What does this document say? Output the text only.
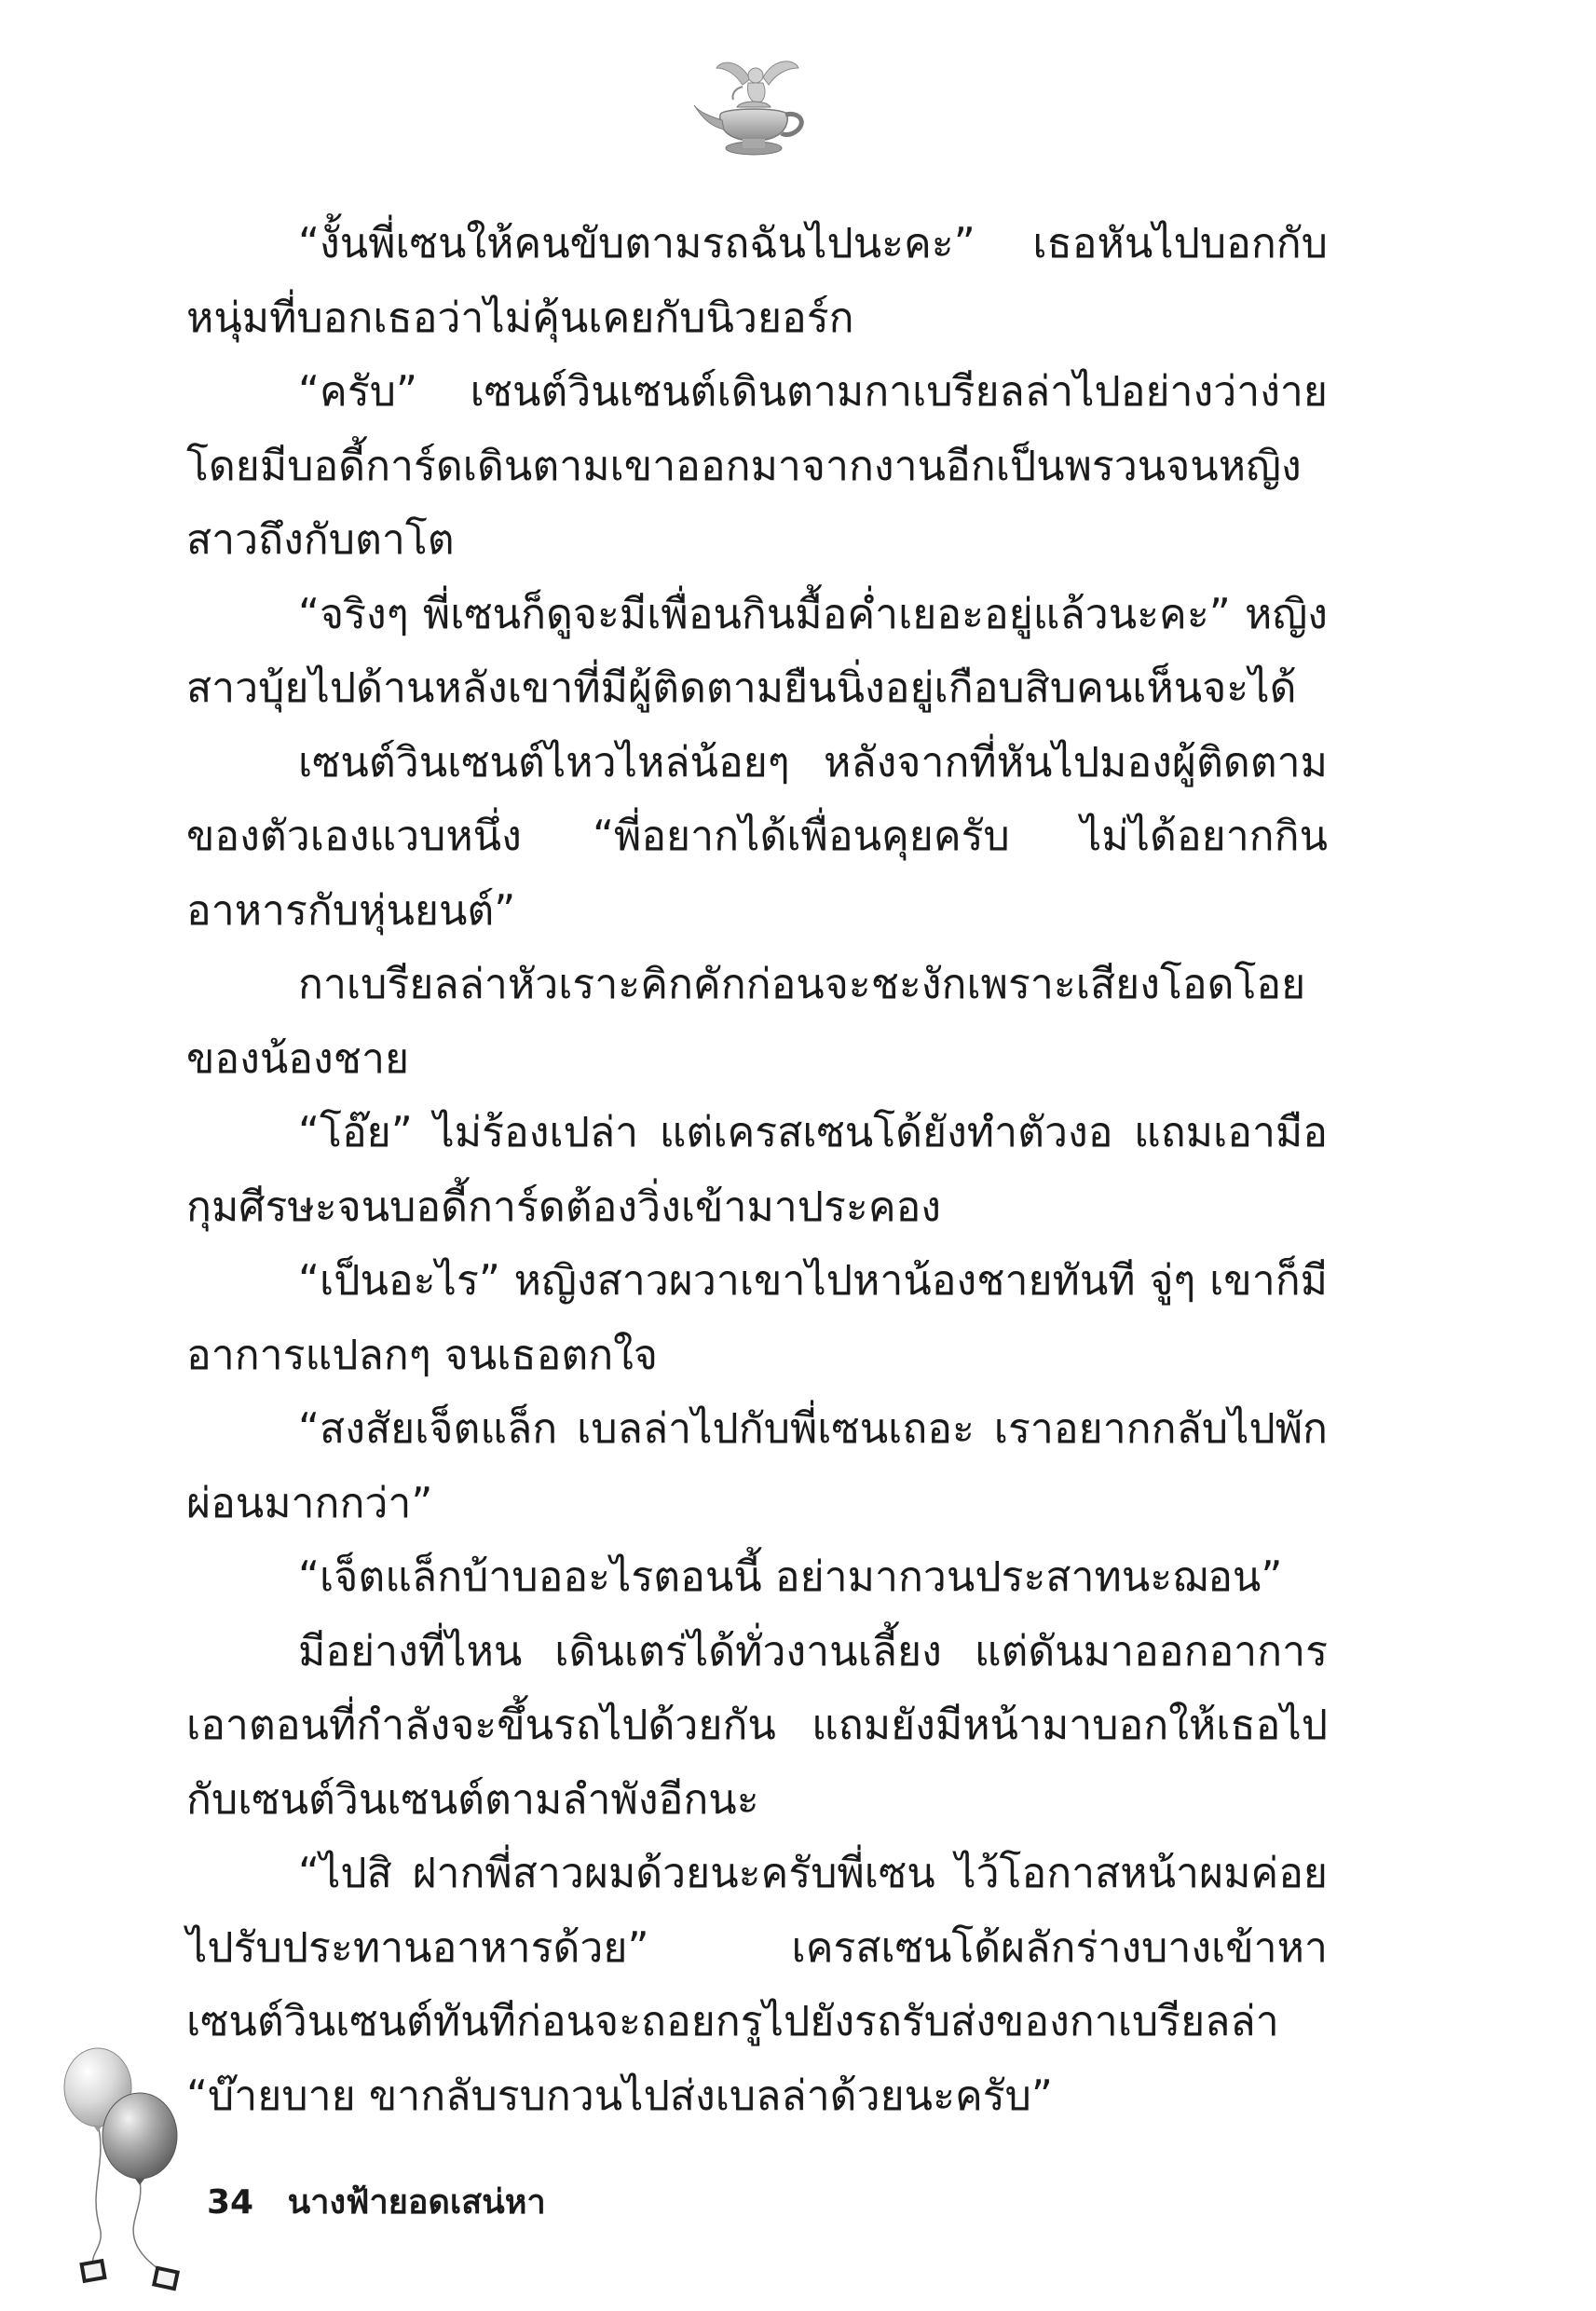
“งั้นพี่เซนให้คนขับตามรถฉันไปนะคะ” เธอหันไปบอกกับหนุ่มที่บอกเธอว่าไม่คุ้นเคยกับนิวยอร์ก

“ครับ” เซนต์วินเซนต์เดินตามกาเบรียลล่าไปอย่างว่าง่าย โดยมีบอดี้การ์ดเดินตามเขาออกมาจากงานอีกเป็นพรวนจนหญิงสาวถึงกับตาโต

“จริงๆ พี่เซนก็ดูจะมีเพื่อนกินมื้อค่ำเยอะอยู่แล้วนะคะ” หญิงสาวบุ้ยไปด้านหลังเขาที่มีผู้ติดตามยืนนิ่งอยู่เกือบสิบคนเห็นจะได้

เซนต์วินเซนต์ไหวไหล่น้อยๆ หลังจากที่หันไปมองผู้ติดตามของตัวเองแวบหนึ่ง “พี่อยากได้เพื่อนคุยครับ ไม่ได้อยากกินอาหารกับหุ่นยนต์”

กาเบรียลล่าหัวเราะคิกคักก่อนจะชะงักเพราะเสียงโอดโอยของน้องชาย

“โอ๊ย” ไม่ร้องเปล่า แต่เครสเซนโด้ยังทำตัวงอ แถมเอามือกุมศีรษะจนบอดี้การ์ดต้องวิ่งเข้ามาประคอง

“เป็นอะไร” หญิงสาวผวาเขาไปหาน้องชายทันที จู่ๆ เขาก็มีอาการแปลกๆ จนเธอตกใจ

“สงสัยเจ็ตแล็ก เบลล่าไปกับพี่เซนเถอะ เราอยากกลับไปพักผ่อนมากกว่า”

“เจ็ตแล็กบ้าบออะไรตอนนี้ อย่ามากวนประสาทนะฌอน”

มีอย่างที่ไหน เดินเตร่ได้ทั่วงานเลี้ยง แต่ดันมาออกอาการเอาตอนที่กำลังจะขึ้นรถไปด้วยกัน แถมยังมีหน้ามาบอกให้เธอไปกับเซนต์วินเซนต์ตามลำพังอีกนะ

“ไปสิ ฝากพี่สาวผมด้วยนะครับพี่เซน ไว้โอกาสหน้าผมค่อยไปรับประทานอาหารด้วย” เครสเซนโด้ผลักร่างบางเข้าหาเซนต์วินเซนต์ทันทีก่อนจะถอยกรูไปยังรถรับส่งของกาเบรียลล่า “บ๊ายบาย ขากลับรบกวนไปส่งเบลล่าด้วยนะครับ”

34 นางฟ้ายอดเสน่หา
